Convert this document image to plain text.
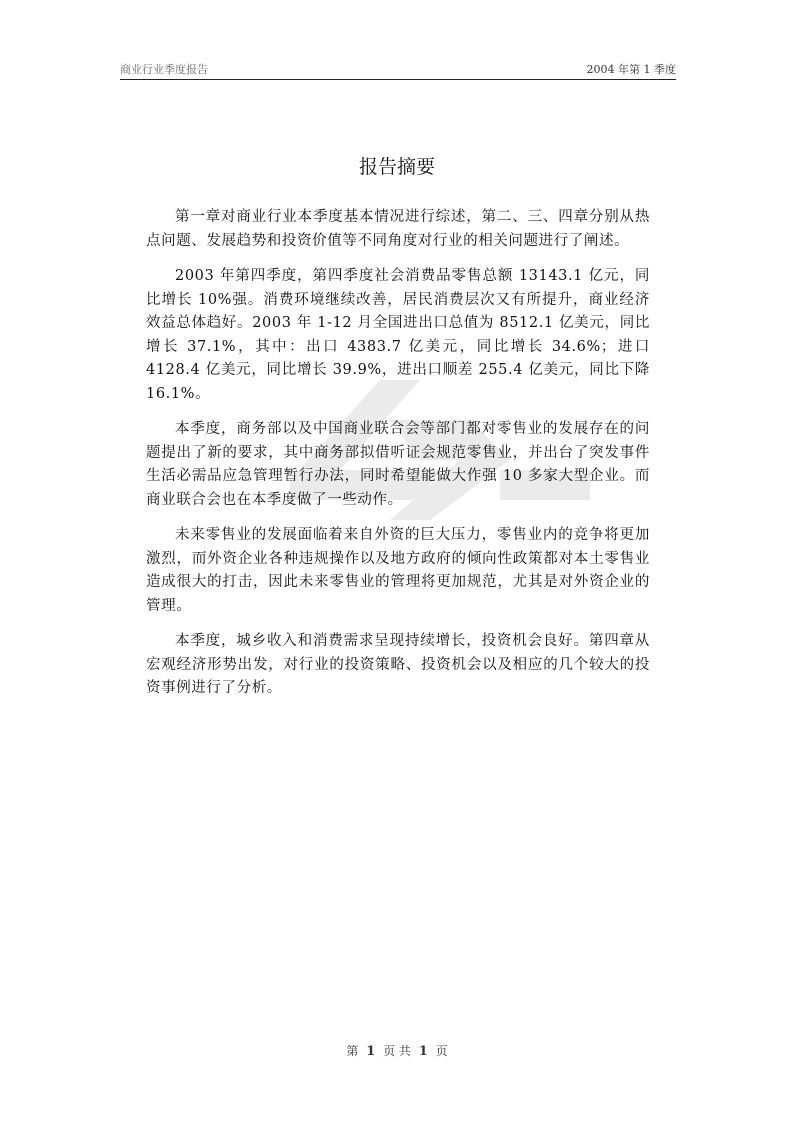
商业行业季度报告	2004 年第 1 季度
报告摘要

第一章对商业行业本季度基本情况进行综述，第二、三、四章分别从热点问题、发展趋势和投资价值等不同角度对行业的相关问题进行了阐述。

2003 年第四季度，第四季度社会消费品零售总额 13143.1 亿元，同比增长 10%强。消费环境继续改善，居民消费层次又有所提升，商业经济效益总体趋好。2003 年 1-12 月全国进出口总值为 8512.1 亿美元，同比增长 37.1%，其中：出口 4383.7 亿美元，同比增长 34.6%；进口 4128.4 亿美元，同比增长 39.9%，进出口顺差 255.4 亿美元，同比下降 16.1%。

本季度，商务部以及中国商业联合会等部门都对零售业的发展存在的问题提出了新的要求，其中商务部拟借听证会规范零售业，并出台了突发事件生活必需品应急管理暂行办法，同时希望能做大作强 10 多家大型企业。而商业联合会也在本季度做了一些动作。

未来零售业的发展面临着来自外资的巨大压力，零售业内的竞争将更加激烈，而外资企业各种违规操作以及地方政府的倾向性政策都对本土零售业造成很大的打击，因此未来零售业的管理将更加规范，尤其是对外资企业的管理。

本季度，城乡收入和消费需求呈现持续增长，投资机会良好。第四章从宏观经济形势出发，对行业的投资策略、投资机会以及相应的几个较大的投资事例进行了分析。

第 1 页 共 1 页
